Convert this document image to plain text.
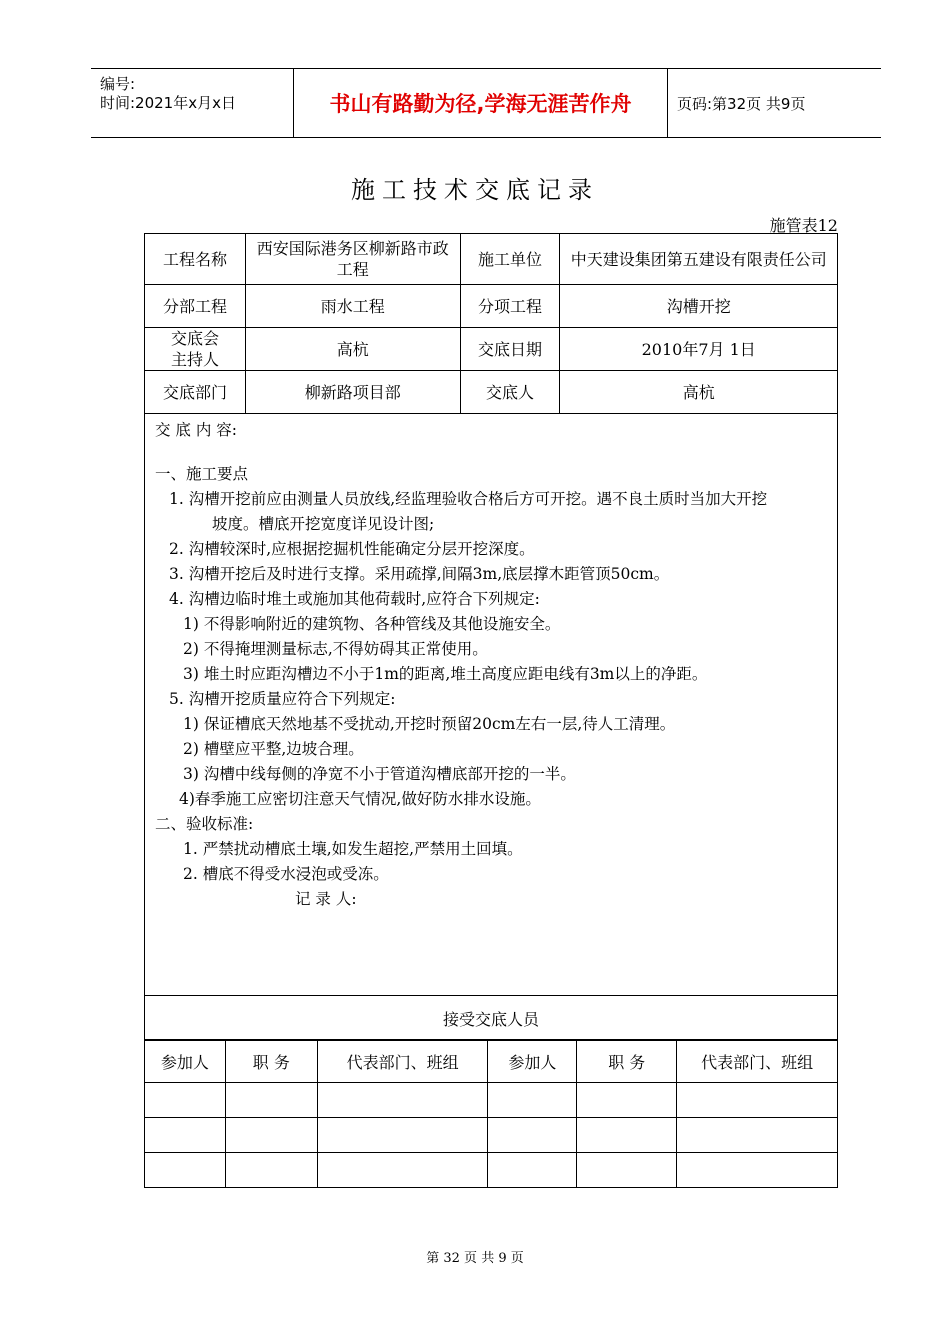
编号:
时间:2021年x月x日	书山有路勤为径,学海无涯苦作舟	页码:第32页 共9页
施工技术交底记录
施管表12
工程名称	西安国际港务区柳新路市政工程	施工单位	中天建设集团第五建设有限责任公司
分部工程	雨水工程	分项工程	沟槽开挖
交底会主持人	高杭	交底日期	2010年7月 1日
交底部门	柳新路项目部	交底人	高杭
交 底 内 容:
一、施工要点
1. 沟槽开挖前应由测量人员放线,经监理验收合格后方可开挖。遇不良土质时当加大开挖
坡度。槽底开挖宽度详见设计图;
2. 沟槽较深时,应根据挖掘机性能确定分层开挖深度。
3. 沟槽开挖后及时进行支撑。采用疏撑,间隔3m,底层撑木距管顶50cm。
4. 沟槽边临时堆土或施加其他荷载时,应符合下列规定:
1) 不得影响附近的建筑物、各种管线及其他设施安全。
2) 不得掩埋测量标志,不得妨碍其正常使用。
3) 堆土时应距沟槽边不小于1m的距离,堆土高度应距电线有3m以上的净距。
5. 沟槽开挖质量应符合下列规定:
1) 保证槽底天然地基不受扰动,开挖时预留20cm左右一层,待人工清理。
2) 槽壁应平整,边坡合理。
3) 沟槽中线每侧的净宽不小于管道沟槽底部开挖的一半。
4)春季施工应密切注意天气情况,做好防水排水设施。
二、验收标准:
1. 严禁扰动槽底土壤,如发生超挖,严禁用土回填。
2. 槽底不得受水浸泡或受冻。
记 录 人:
接受交底人员
参加人	职 务	代表部门、班组	参加人	职 务	代表部门、班组

第 32 页 共 9 页
